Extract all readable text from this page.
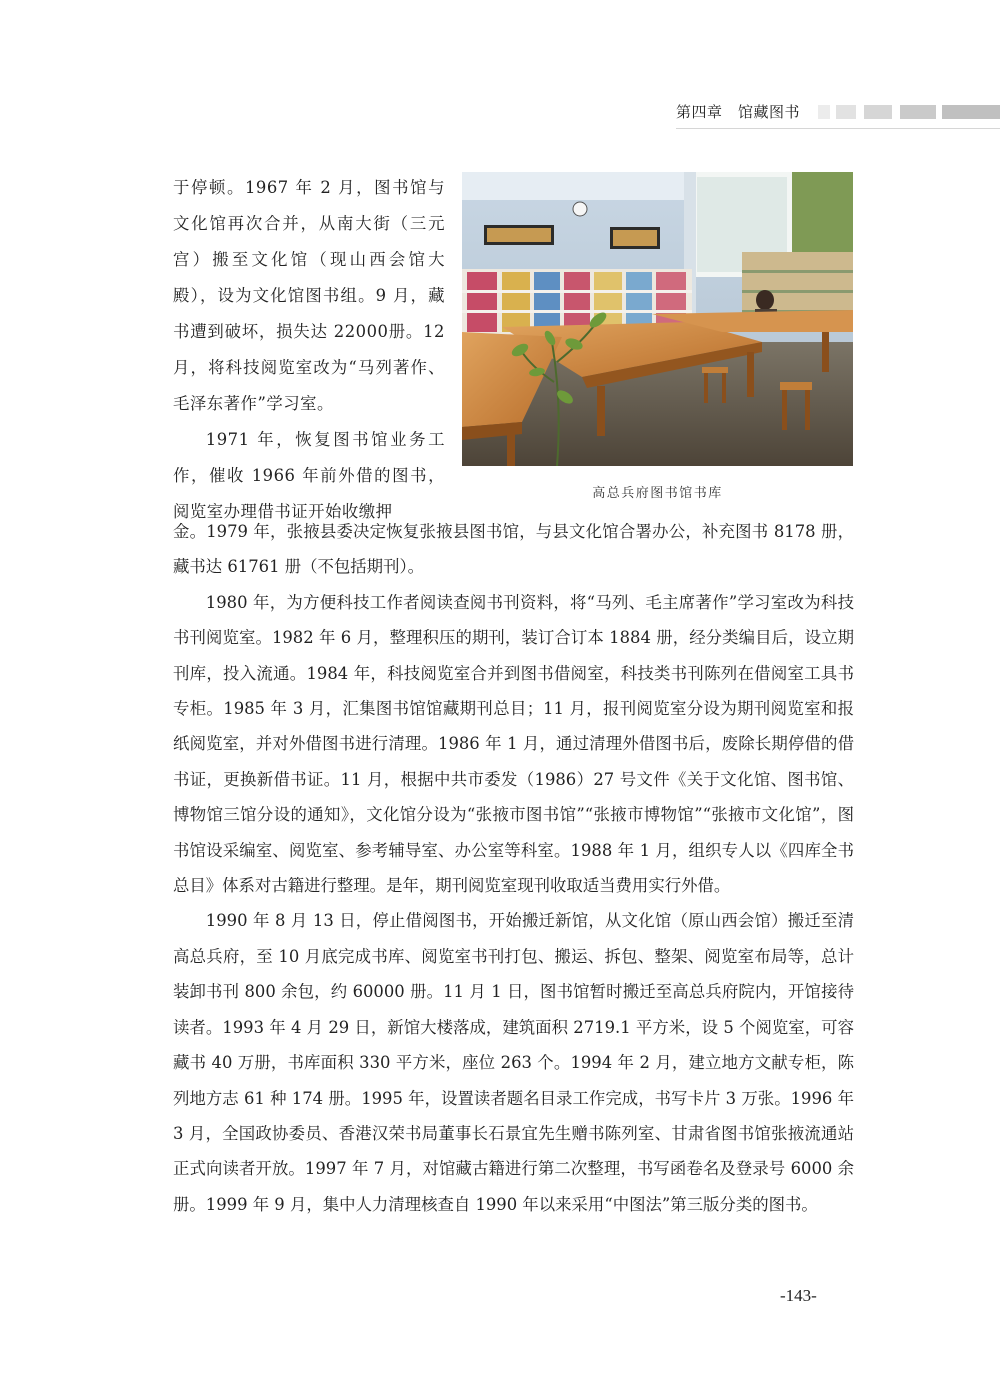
第四章　馆藏图书

于停顿。1967 年 2 月，图书馆与文化馆再次合并，从南大街（三元宫）搬至文化馆（现山西会馆大殿），设为文化馆图书组。9 月，藏书遭到破坏，损失达 22000册。12 月，将科技阅览室改为“马列著作、毛泽东著作”学习室。

1971 年，恢复图书馆业务工作，催收 1966 年前外借的图书，阅览室办理借书证开始收缴押

高总兵府图书馆书库

金。1979 年，张掖县委决定恢复张掖县图书馆，与县文化馆合署办公，补充图书 8178 册，藏书达 61761 册（不包括期刊）。

1980 年，为方便科技工作者阅读查阅书刊资料，将“马列、毛主席著作”学习室改为科技书刊阅览室。1982 年 6 月，整理积压的期刊，装订合订本 1884 册，经分类编目后，设立期刊库，投入流通。1984 年，科技阅览室合并到图书借阅室，科技类书刊陈列在借阅室工具书专柜。1985 年 3 月，汇集图书馆馆藏期刊总目；11 月，报刊阅览室分设为期刊阅览室和报纸阅览室，并对外借图书进行清理。1986 年 1 月，通过清理外借图书后，废除长期停借的借书证，更换新借书证。11 月，根据中共市委发（1986）27 号文件《关于文化馆、图书馆、博物馆三馆分设的通知》，文化馆分设为“张掖市图书馆”“张掖市博物馆”“张掖市文化馆”，图书馆设采编室、阅览室、参考辅导室、办公室等科室。1988 年 1 月，组织专人以《四库全书总目》体系对古籍进行整理。是年，期刊阅览室现刊收取适当费用实行外借。

1990 年 8 月 13 日，停止借阅图书，开始搬迁新馆，从文化馆（原山西会馆）搬迁至清高总兵府，至 10 月底完成书库、阅览室书刊打包、搬运、拆包、整架、阅览室布局等，总计装卸书刊 800 余包，约 60000 册。11 月 1 日，图书馆暂时搬迁至高总兵府院内，开馆接待读者。1993 年 4 月 29 日，新馆大楼落成，建筑面积 2719.1 平方米，设 5 个阅览室，可容藏书 40 万册，书库面积 330 平方米，座位 263 个。1994 年 2 月，建立地方文献专柜，陈列地方志 61 种 174 册。1995 年，设置读者题名目录工作完成，书写卡片 3 万张。1996 年 3 月，全国政协委员、香港汉荣书局董事长石景宜先生赠书陈列室、甘肃省图书馆张掖流通站正式向读者开放。1997 年 7 月，对馆藏古籍进行第二次整理，书写函卷名及登录号 6000 余册。1999 年 9 月，集中人力清理核查自 1990 年以来采用“中图法”第三版分类的图书。

-143-
